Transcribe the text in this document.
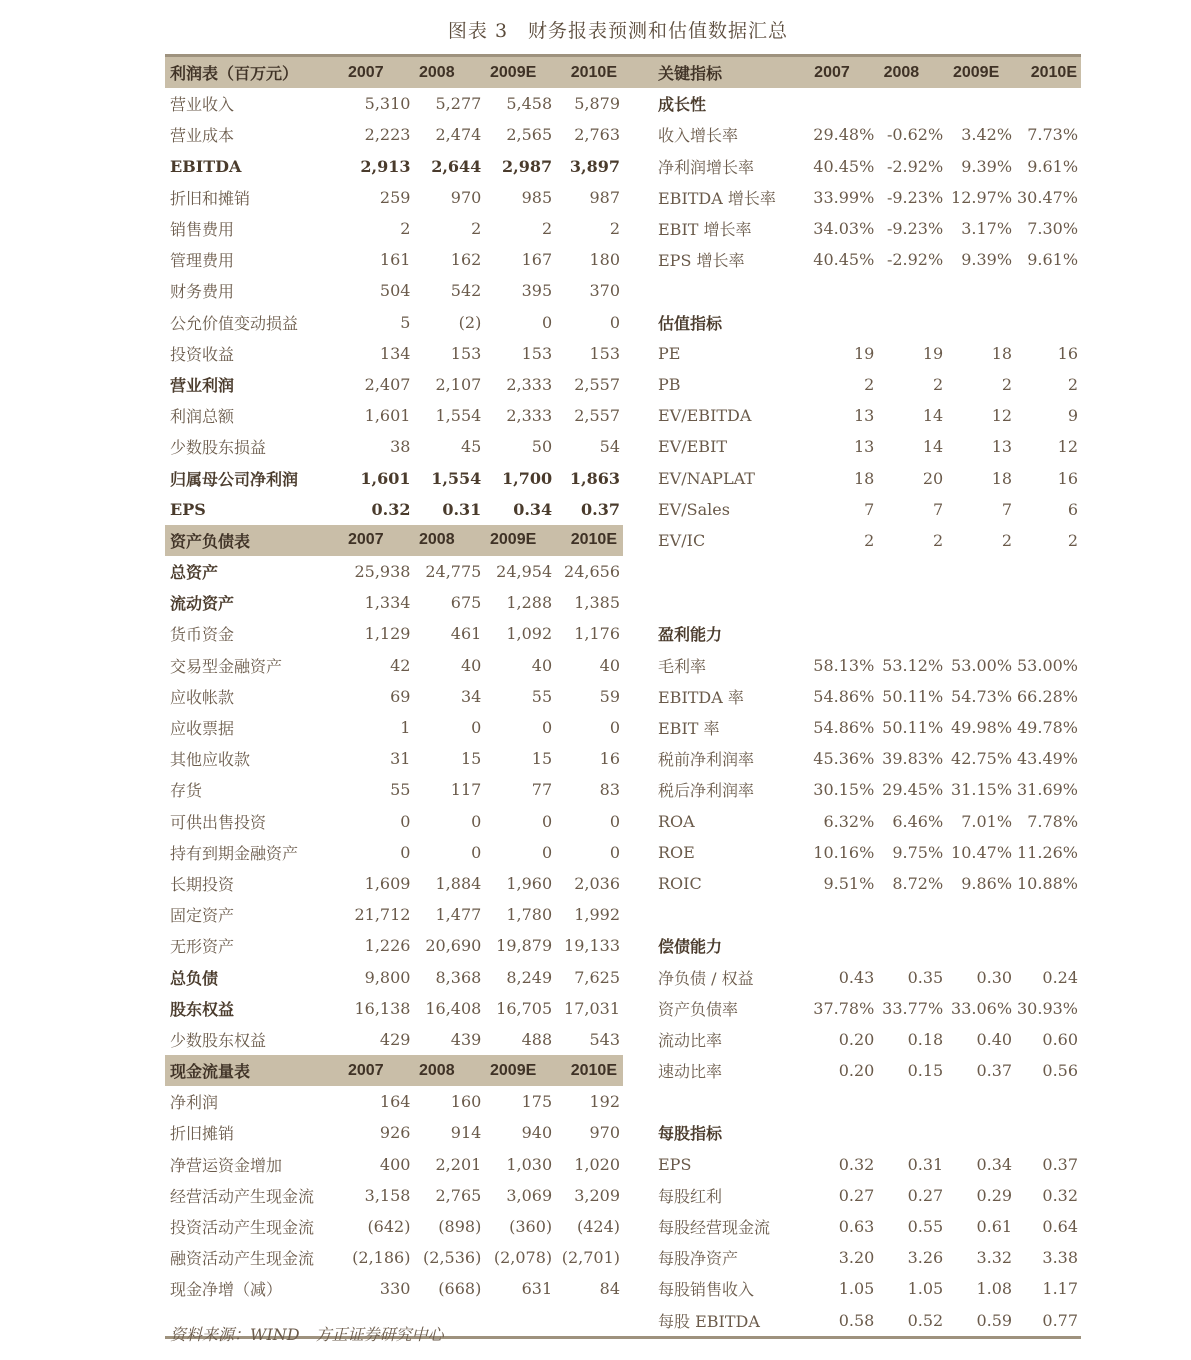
图表 3　财务报表预测和估值数据汇总
利润表（百万元）	2007	2008	2009E	2010E
营业收入	5,310	5,277	5,458	5,879
营业成本	2,223	2,474	2,565	2,763
EBITDA	2,913	2,644	2,987	3,897
折旧和摊销	259	970	985	987
销售费用	2	2	2	2
管理费用	161	162	167	180
财务费用	504	542	395	370
公允价值变动损益	5	(2)	0	0
投资收益	134	153	153	153
营业利润	2,407	2,107	2,333	2,557
利润总额	1,601	1,554	2,333	2,557
少数股东损益	38	45	50	54
归属母公司净利润	1,601	1,554	1,700	1,863
EPS	0.32	0.31	0.34	0.37
资产负债表	2007	2008	2009E	2010E
总资产	25,938 24,775 24,954 24,656
流动资产	1,334	675	1,288	1,385
货币资金	1,129	461	1,092	1,176
交易型金融资产	42	40	40	40
应收帐款	69	34	55	59
应收票据	1	0	0	0
其他应收款	31	15	15	16
存货	55	117	77	83
可供出售投资	0	0	0	0
持有到期金融资产	0	0	0	0
长期投资	1,609	1,884	1,960	2,036
固定资产	21,712	1,477	1,780	1,992
无形资产	1,226 20,690 19,879 19,133
总负债	9,800	8,368	8,249	7,625
股东权益	16,138 16,408 16,705 17,031
少数股东权益	429	439	488	543
现金流量表	2007	2008	2009E	2010E
净利润	164	160	175	192
折旧摊销	926	914	940	970
净营运资金增加	400	2,201	1,030	1,020
经营活动产生现金流	3,158	2,765	3,069	3,209
投资活动产生现金流	(642)	(898)	(360)	(424)
融资活动产生现金流	(2,186) (2,536) (2,078) (2,701)
现金净增（减）	330	(668)	631	84
关键指标	2007	2008	2009E	2010E
成长性
收入增长率	29.48% -0.62%	3.42% 7.73%
净利润增长率	40.45% -2.92%	9.39% 9.61%
EBITDA 增长率	33.99% -9.23% 12.97% 30.47%
EBIT 增长率	34.03% -9.23%	3.17% 7.30%
EPS 增长率	40.45% -2.92%	9.39% 9.61%
估值指标
PE	19	19	18	16
PB	2	2	2	2
EV/EBITDA	13	14	12	9
EV/EBIT	13	14	13	12
EV/NAPLAT	18	20	18	16
EV/Sales	7	7	7	6
EV/IC	2	2	2	2
盈利能力
毛利率	58.13% 53.12% 53.00% 53.00%
EBITDA 率	54.86% 50.11% 54.73% 66.28%
EBIT 率	54.86% 50.11% 49.98% 49.78%
税前净利润率	45.36% 39.83% 42.75% 43.49%
税后净利润率	30.15% 29.45% 31.15% 31.69%
ROA	6.32%	6.46%	7.01% 7.78%
ROE	10.16%	9.75% 10.47% 11.26%
ROIC	9.51%	8.72%	9.86% 10.88%
偿债能力
净负债 / 权益	0.43	0.35	0.30	0.24
资产负债率	37.78% 33.77% 33.06% 30.93%
流动比率	0.20	0.18	0.40	0.60
速动比率	0.20	0.15	0.37	0.56
每股指标
EPS	0.32	0.31	0.34	0.37
每股红利	0.27	0.27	0.29	0.32
每股经营现金流	0.63	0.55	0.61	0.64
每股净资产	3.20	3.26	3.32	3.38
每股销售收入	1.05	1.05	1.08	1.17
每股 EBITDA	0.58	0.52	0.59	0.77
资料来源：WIND　方正证券研究中心
